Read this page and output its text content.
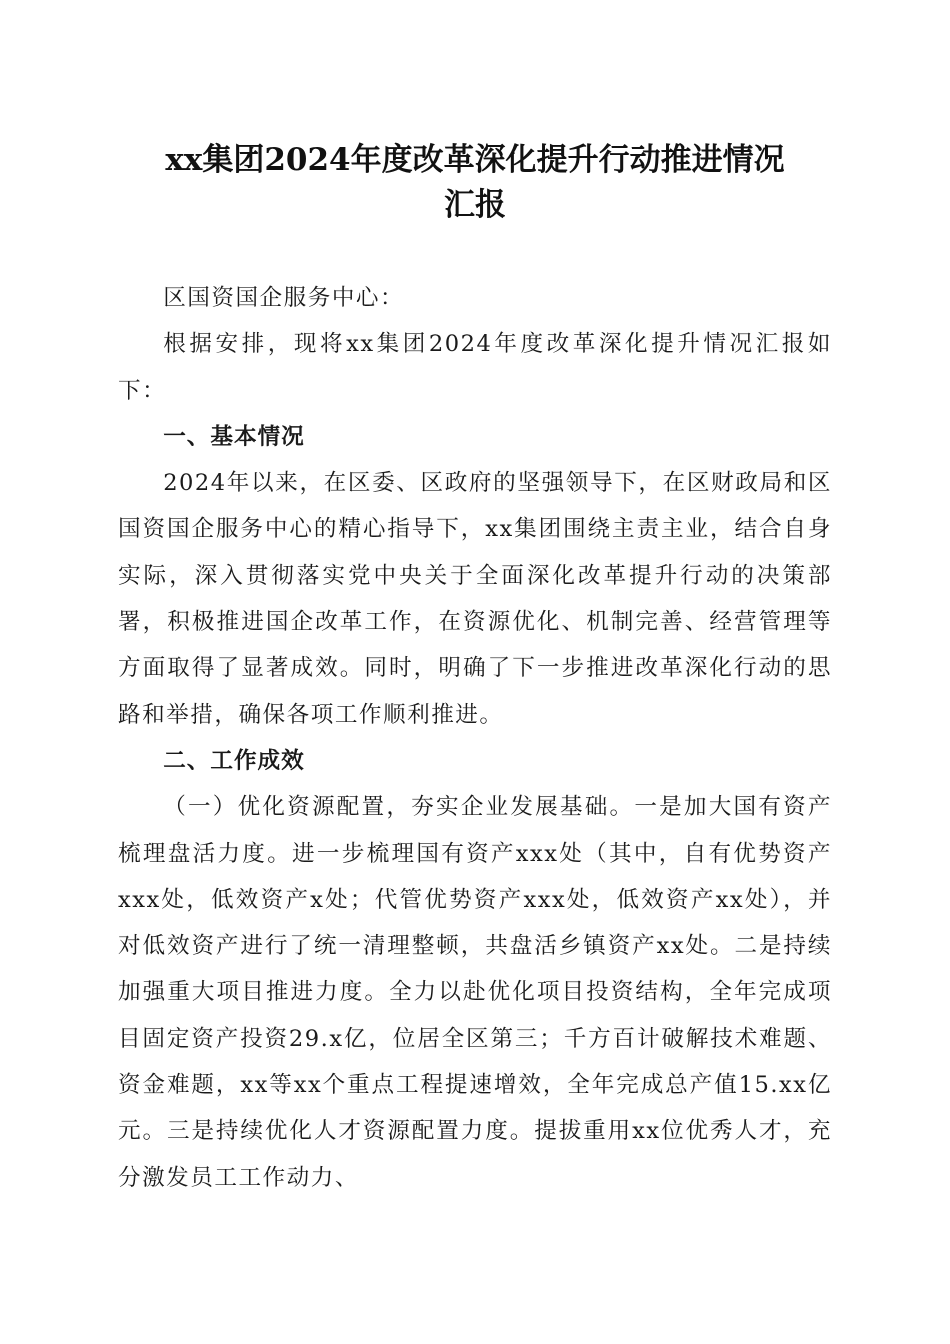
xx集团2024年度改革深化提升行动推进情况
汇报

区国资国企服务中心：

根据安排，现将xx集团2024年度改革深化提升情况汇报如下：

一、基本情况

2024年以来，在区委、区政府的坚强领导下，在区财政局和区国资国企服务中心的精心指导下，xx集团围绕主责主业，结合自身实际，深入贯彻落实党中央关于全面深化改革提升行动的决策部署，积极推进国企改革工作，在资源优化、机制完善、经营管理等方面取得了显著成效。同时，明确了下一步推进改革深化行动的思路和举措，确保各项工作顺利推进。

二、工作成效

（一）优化资源配置，夯实企业发展基础。一是加大国有资产梳理盘活力度。进一步梳理国有资产xxx处（其中，自有优势资产xxx处，低效资产x处；代管优势资产xxx处，低效资产xx处），并对低效资产进行了统一清理整顿，共盘活乡镇资产xx处。二是持续加强重大项目推进力度。全力以赴优化项目投资结构，全年完成项目固定资产投资29.x亿，位居全区第三；千方百计破解技术难题、资金难题，xx等xx个重点工程提速增效，全年完成总产值15.xx亿元。三是持续优化人才资源配置力度。提拔重用xx位优秀人才，充分激发员工工作动力、
